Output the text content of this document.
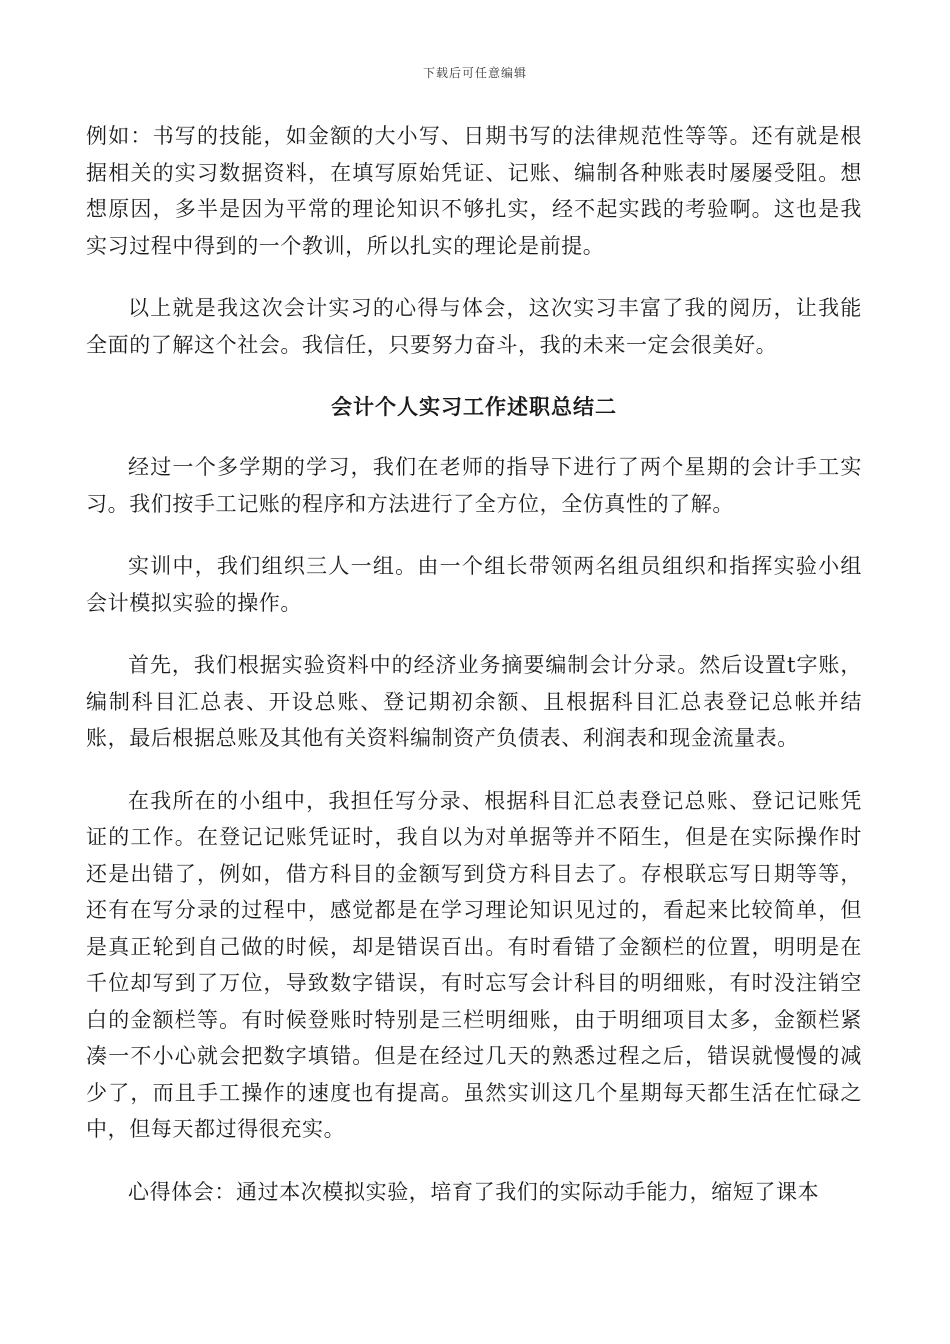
下载后可任意编辑

例如：书写的技能，如金额的大小写、日期书写的法律规范性等等。还有就是根据相关的实习数据资料，在填写原始凭证、记账、编制各种账表时屡屡受阻。想想原因，多半是因为平常的理论知识不够扎实，经不起实践的考验啊。这也是我实习过程中得到的一个教训，所以扎实的理论是前提。

以上就是我这次会计实习的心得与体会，这次实习丰富了我的阅历，让我能全面的了解这个社会。我信任，只要努力奋斗，我的未来一定会很美好。

会计个人实习工作述职总结二

经过一个多学期的学习，我们在老师的指导下进行了两个星期的会计手工实习。我们按手工记账的程序和方法进行了全方位，全仿真性的了解。

实训中，我们组织三人一组。由一个组长带领两名组员组织和指挥实验小组会计模拟实验的操作。

首先，我们根据实验资料中的经济业务摘要编制会计分录。然后设置t字账，编制科目汇总表、开设总账、登记期初余额、且根据科目汇总表登记总帐并结账，最后根据总账及其他有关资料编制资产负债表、利润表和现金流量表。

在我所在的小组中，我担任写分录、根据科目汇总表登记总账、登记记账凭证的工作。在登记记账凭证时，我自以为对单据等并不陌生，但是在实际操作时还是出错了，例如，借方科目的金额写到贷方科目去了。存根联忘写日期等等，还有在写分录的过程中，感觉都是在学习理论知识见过的，看起来比较简单，但是真正轮到自己做的时候，却是错误百出。有时看错了金额栏的位置，明明是在千位却写到了万位，导致数字错误，有时忘写会计科目的明细账，有时没注销空白的金额栏等。有时候登账时特别是三栏明细账，由于明细项目太多，金额栏紧凑一不小心就会把数字填错。但是在经过几天的熟悉过程之后，错误就慢慢的减少了，而且手工操作的速度也有提高。虽然实训这几个星期每天都生活在忙碌之中，但每天都过得很充实。

心得体会：通过本次模拟实验，培育了我们的实际动手能力，缩短了课本
